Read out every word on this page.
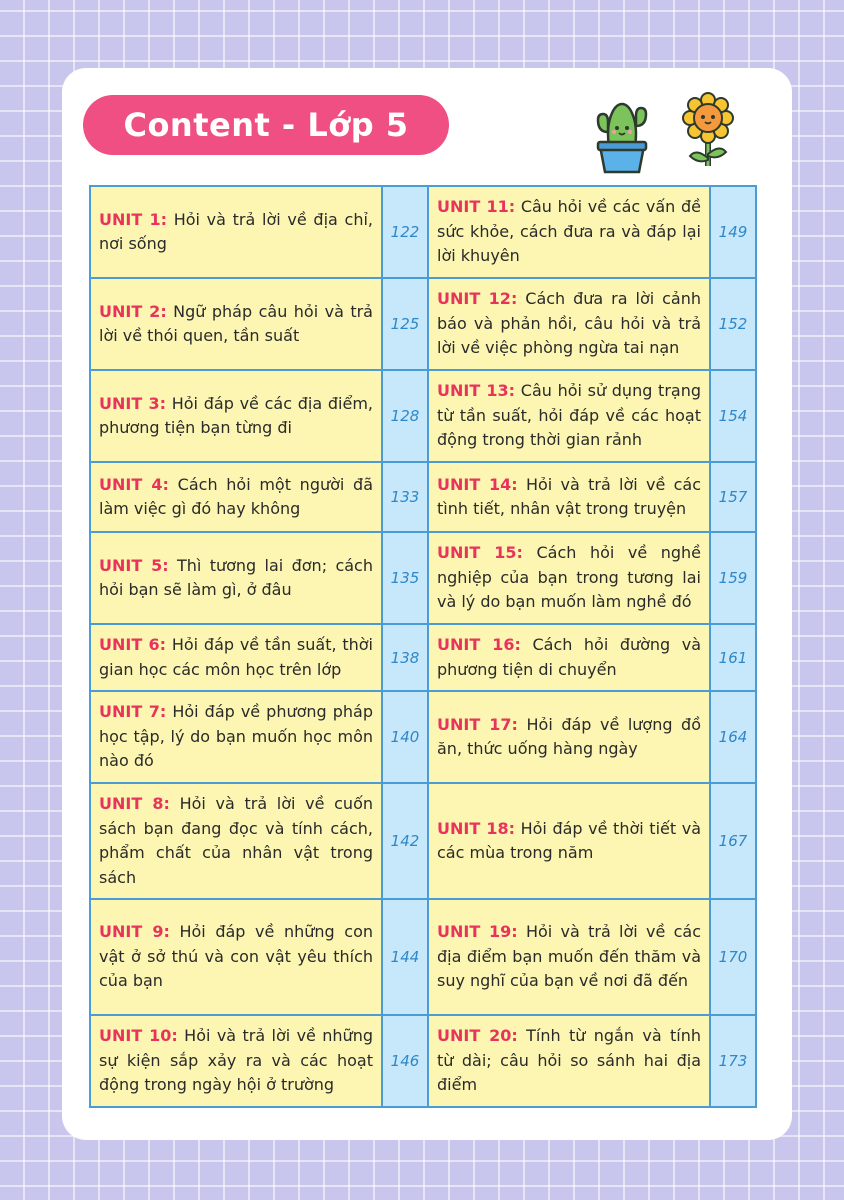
Content - Lớp 5
UNIT 1: Hỏi và trả lời về địa chỉ, nơi sống	122	UNIT 11: Câu hỏi về các vấn đề sức khỏe, cách đưa ra và đáp lại lời khuyên	149
UNIT 2: Ngữ pháp câu hỏi và trả lời về thói quen, tần suất	125	UNIT 12: Cách đưa ra lời cảnh báo và phản hồi, câu hỏi và trả lời về việc phòng ngừa tai nạn	152
UNIT 3: Hỏi đáp về các địa điểm, phương tiện bạn từng đi	128	UNIT 13: Câu hỏi sử dụng trạng từ tần suất, hỏi đáp về các hoạt động trong thời gian rảnh	154
UNIT 4: Cách hỏi một người đã làm việc gì đó hay không	133	UNIT 14: Hỏi và trả lời về các tình tiết, nhân vật trong truyện	157
UNIT 5: Thì tương lai đơn; cách hỏi bạn sẽ làm gì, ở đâu	135	UNIT 15: Cách hỏi về nghề nghiệp của bạn trong tương lai và lý do bạn muốn làm nghề đó	159
UNIT 6: Hỏi đáp về tần suất, thời gian học các môn học trên lớp	138	UNIT 16: Cách hỏi đường và phương tiện di chuyển	161
UNIT 7: Hỏi đáp về phương pháp học tập, lý do bạn muốn học môn nào đó	140	UNIT 17: Hỏi đáp về lượng đồ ăn, thức uống hàng ngày	164
UNIT 8: Hỏi và trả lời về cuốn sách bạn đang đọc và tính cách, phẩm chất của nhân vật trong sách	142	UNIT 18: Hỏi đáp về thời tiết và các mùa trong năm	167
UNIT 9: Hỏi đáp về những con vật ở sở thú và con vật yêu thích của bạn	144	UNIT 19: Hỏi và trả lời về các địa điểm bạn muốn đến thăm và suy nghĩ của bạn về nơi đã đến	170
UNIT 10: Hỏi và trả lời về những sự kiện sắp xảy ra và các hoạt động trong ngày hội ở trường	146	UNIT 20: Tính từ ngắn và tính từ dài; câu hỏi so sánh hai địa điểm	173
